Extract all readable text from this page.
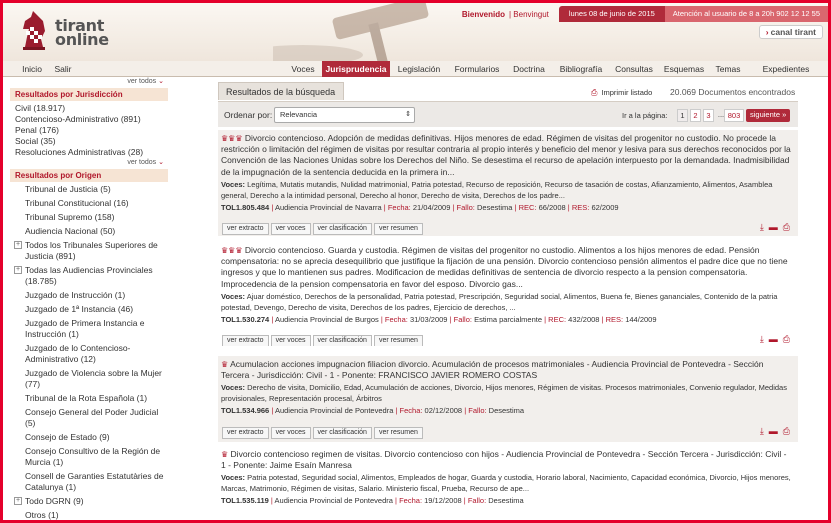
tirant
online
Bienvenido | Benvingut	lunes 08 de junio de 2015	Atención al usuario de 8 a 20h 902 12 12 55
› canal tirant
Inicio	Salir	Voces	Jurisprudencia	Legislación	Formularios	Doctrina	Bibliografía	Consultas	Esquemas	Temas	Expedientes
ver todos ⌄
Resultados por Jurisdicción
Civil (18.917)
Contencioso-Administrativo (891)
Penal (176)
Social (35)
Resoluciones Administrativas (28)
ver todos ⌄
Resultados por Origen
Tribunal de Justicia (5)
Tribunal Constitucional (16)
Tribunal Supremo (158)
Audiencia Nacional (50)
+ Todos los Tribunales Superiores de Justicia (891)
+ Todas las Audiencias Provinciales (18.785)
Juzgado de Instrucción (1)
Juzgado de 1ª Instancia (46)
Juzgado de Primera Instancia e Instrucción (1)
Juzgado de lo Contencioso-Administrativo (12)
Juzgado de Violencia sobre la Mujer (77)
Tribunal de la Rota Española (1)
Consejo General del Poder Judicial (5)
Consejo de Estado (9)
Consejo Consultivo de la Región de Murcia (1)
Consell de Garanties Estatutàries de Catalunya (1)
+ Todo DGRN (9)
Otros (1)
Resultados de la búsqueda	⎙ Imprimir listado 20.069 Documentos encontrados
Ordenar por:	Relevancia	⇕	Ir a la página:	1	2	3 ... 803	siguiente »
♛♛♛ Divorcio contencioso. Adopción de medidas definitivas. Hijos menores de edad. Régimen de visitas del progenitor no custodio. No procede la restricción o limitación del régimen de visitas por resultar contraria al propio interés y beneficio del menor y lesiva para sus derechos reconocidos por la Convención de las Naciones Unidas sobre los Derechos del Niño. Se desestima el recurso de apelación interpuesto por la demandada. Inadmisibilidad de la impugnación de la sentencia deducida en la primera in...
Voces: Legítima, Mutatis mutandis, Nulidad matrimonial, Patria potestad, Recurso de reposición, Recurso de tasación de costas, Afianzamiento, Alimentos, Asamblea general, Derecho a la intimidad personal, Derecho al honor, Derecho de visita, Derechos de los padre...
TOL1.805.484 | Audiencia Provincial de Navarra | Fecha: 21/04/2009 | Fallo: Desestima | REC: 66/2008 | RES: 62/2009
ver extracto ver voces ver clasificación ver resumen	⤓ ▬ ⎙
♛♛♛ Divorcio contencioso. Guarda y custodia. Régimen de visitas del progenitor no custodio. Alimentos a los hijos menores de edad. Pensión compensatoria: no se aprecia desequilibrio que justifique la fijación de una pensión. Divorcio contencioso pensión alimentos el padre dice que no tiene ingresos y que lo mantienen sus padres. Modificacion de medidas definitivas de sentencia de divorcio respecto a la pension compensatoria. Improcedencia de la pension compensatoria en favor del esposo. Divorcio gas...
Voces: Ajuar doméstico, Derechos de la personalidad, Patria potestad, Prescripción, Seguridad social, Alimentos, Buena fe, Bienes gananciales, Contenido de la patria potestad, Devengo, Derecho de visita, Derechos de los padres, Ejercicio de derechos, ...
TOL1.530.274 | Audiencia Provincial de Burgos | Fecha: 31/03/2009 | Fallo: Estima parcialmente | REC: 432/2008 | RES: 144/2009
ver extracto ver voces ver clasificación ver resumen	⤓ ▬ ⎙
♛ Acumulacion acciones impugnacion filiacion divorcio. Acumulación de procesos matrimoniales - Audiencia Provincial de Pontevedra - Sección Tercera - Jurisdicción: Civil - 1 - Ponente: FRANCISCO JAVIER ROMERO COSTAS
Voces: Derecho de visita, Domicilio, Edad, Acumulación de acciones, Divorcio, Hijos menores, Régimen de visitas. Procesos matrimoniales, Convenio regulador, Medidas provisionales, Representación procesal, Árbitros
TOL1.534.966 | Audiencia Provincial de Pontevedra | Fecha: 02/12/2008 | Fallo: Desestima
ver extracto ver voces ver clasificación ver resumen	⤓ ▬ ⎙
♛ Divorcio contencioso regimen de visitas. Divorcio contencioso con hijos - Audiencia Provincial de Pontevedra - Sección Tercera - Jurisdicción: Civil - 1 - Ponente: Jaime Esaín Manresa
Voces: Patria potestad, Seguridad social, Alimentos, Empleados de hogar, Guarda y custodia, Horario laboral, Nacimiento, Capacidad económica, Divorcio, Hijos menores, Marcas, Matrimonio, Régimen de visitas, Salario. Ministerio fiscal, Prueba, Recurso de ape...
TOL1.535.119 | Audiencia Provincial de Pontevedra | Fecha: 19/12/2008 | Fallo: Desestima
